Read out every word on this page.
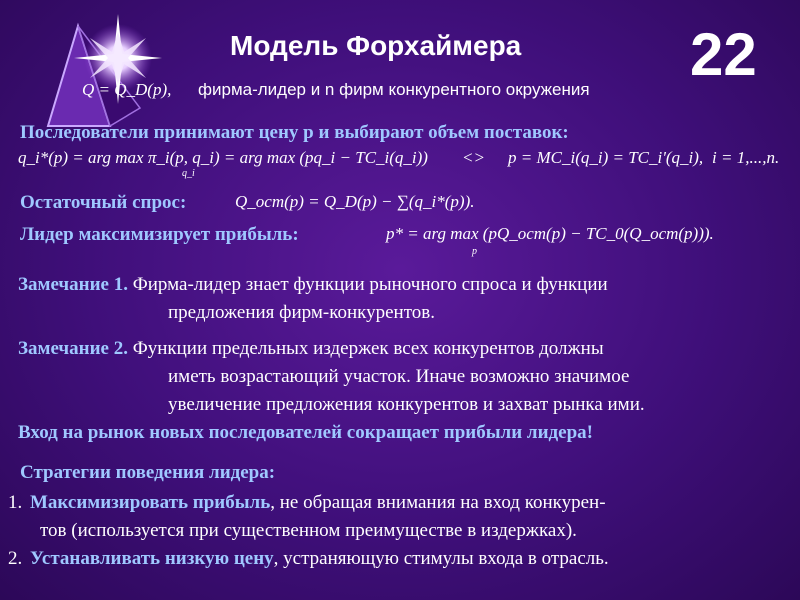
Модель Форхаймера	22
Q = Q_D(p), фирма-лидер и n фирм конкурентного окружения
Последователи принимают цену p и выбирают объем поставок:
q_i*(p) = arg max π_i(p, q_i) = arg max (pq_i − TC_i(q_i))
q_i
<> p = MC_i(q_i) = TC_i'(q_i), i = 1,...,n.
Остаточный спрос:	Q_ост(p) = Q_D(p) − ∑(q_i*(p)).
Лидер максимизирует прибыль:	p* = arg max (pQ_ост(p) − TC_0(Q_ост(p))).
p
Замечание 1. Фирма-лидер знает функции рыночного спроса и функции
предложения фирм-конкурентов.
Замечание 2. Функции предельных издержек всех конкурентов должны
иметь возрастающий участок. Иначе возможно значимое
увеличение предложения конкурентов и захват рынка ими.
Вход на рынок новых последователей сокращает прибыли лидера!
Стратегии поведения лидера:
1. Максимизировать прибыль, не обращая внимания на вход конкурен-
тов (используется при существенном преимуществе в издержках).
2. Устанавливать низкую цену, устраняющую стимулы входа в отрасль.
